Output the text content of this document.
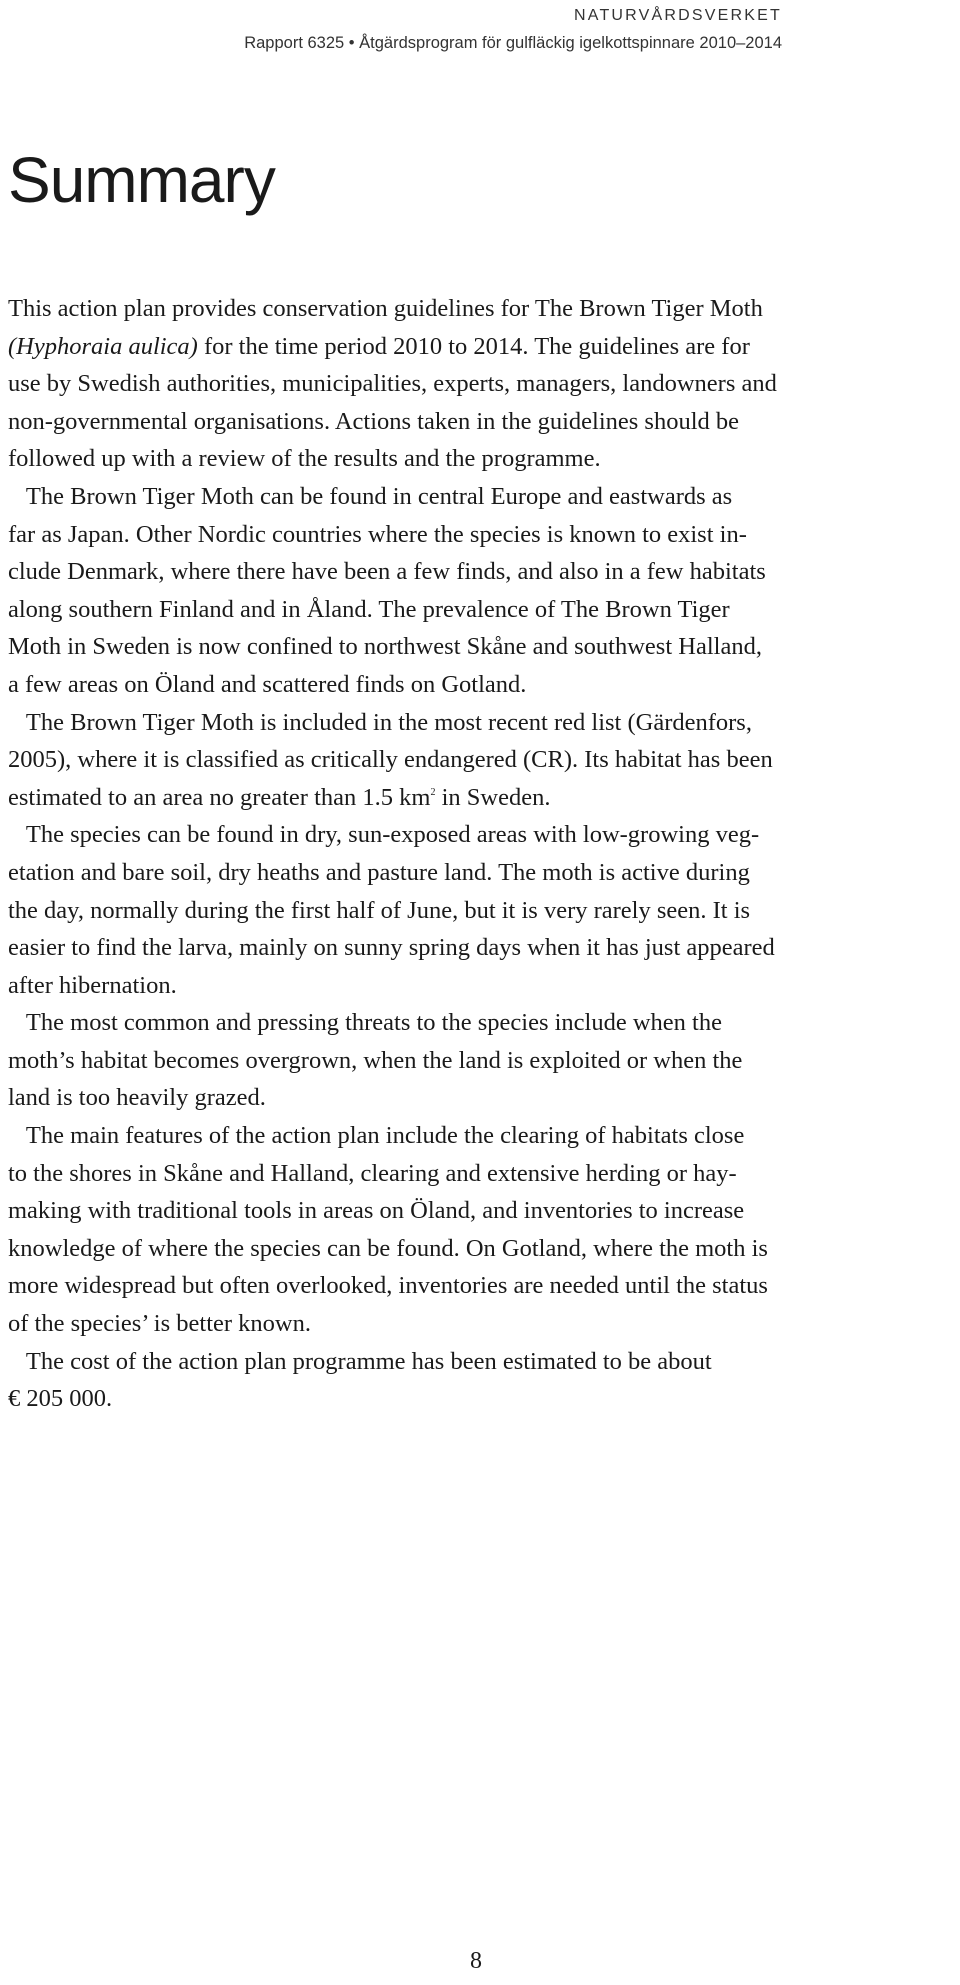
NATURVÅRDSVERKET
Rapport 6325 • Åtgärdsprogram för gulfläckig igelkottspinnare 2010–2014
Summary

This action plan provides conservation guidelines for The Brown Tiger Moth

(Hyphoraia aulica) for the time period 2010 to 2014. The guidelines are for

use by Swedish authorities, municipalities, experts, managers, landowners and

non-governmental organisations. Actions taken in the guidelines should be

followed up with a review of the results and the programme.

The Brown Tiger Moth can be found in central Europe and eastwards as

far as Japan. Other Nordic countries where the species is known to exist in-

clude Denmark, where there have been a few finds, and also in a few habitats

along southern Finland and in Åland. The prevalence of The Brown Tiger

Moth in Sweden is now confined to northwest Skåne and southwest Halland,

a few areas on Öland and scattered finds on Gotland.

The Brown Tiger Moth is included in the most recent red list (Gärdenfors,

2005), where it is classified as critically endangered (CR). Its habitat has been

estimated to an area no greater than 1.5 $km^2$ in Sweden.

The species can be found in dry, sun-exposed areas with low-growing veg-

etation and bare soil, dry heaths and pasture land. The moth is active during

the day, normally during the first half of June, but it is very rarely seen. It is

easier to find the larva, mainly on sunny spring days when it has just appeared

after hibernation.

The most common and pressing threats to the species include when the

moth’s habitat becomes overgrown, when the land is exploited or when the

land is too heavily grazed.

The main features of the action plan include the clearing of habitats close

to the shores in Skåne and Halland, clearing and extensive herding or hay-

making with traditional tools in areas on Öland, and inventories to increase

knowledge of where the species can be found. On Gotland, where the moth is

more widespread but often overlooked, inventories are needed until the status

of the species’ is better known.

The cost of the action plan programme has been estimated to be about

€ 205 000.

8
